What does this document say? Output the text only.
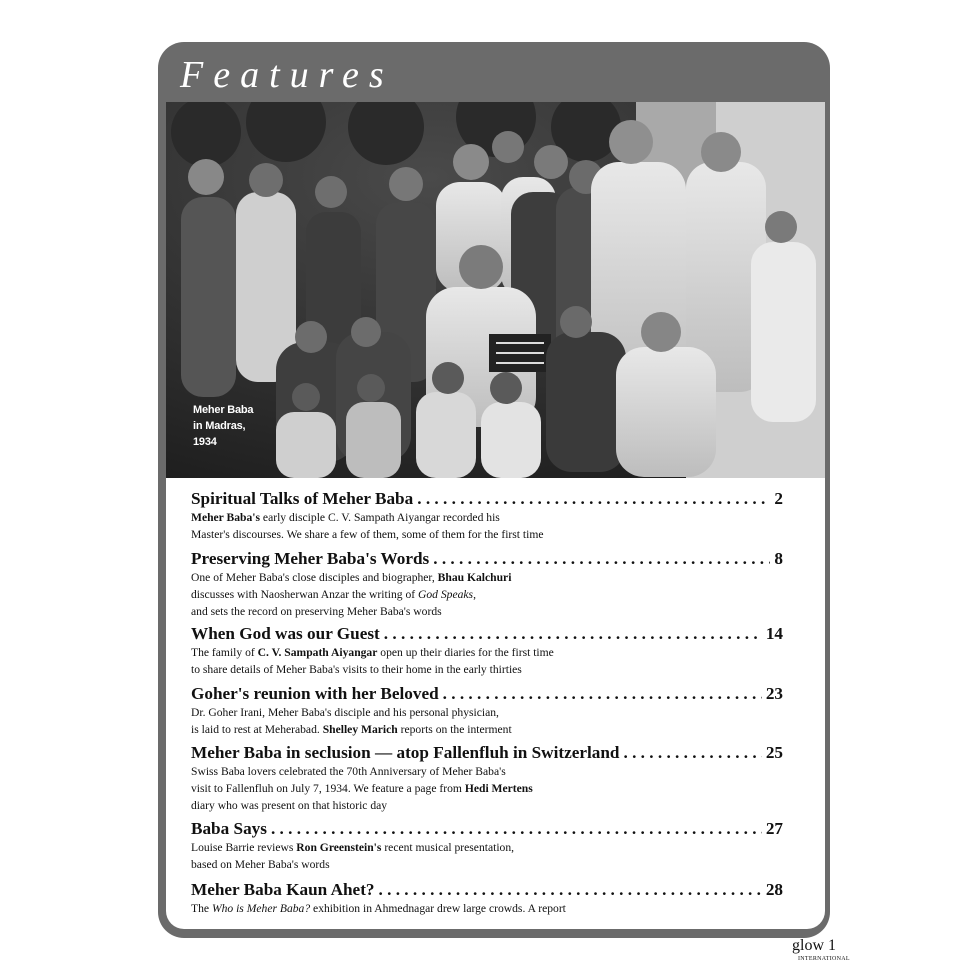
Features
Meher Baba
in Madras,
1934
Spiritual Talks of Meher Baba . . .	2
Meher Baba's early disciple C. V. Sampath Aiyangar recorded his
Master's discourses. We share a few of them, some of them for the first time
Preserving Meher Baba's Words . . .	8
One of Meher Baba's close disciples and biographer, Bhau Kalchuri
discusses with Naosherwan Anzar the writing of God Speaks,
and sets the record on preserving Meher Baba's words
When God was our Guest . . .	14
The family of C. V. Sampath Aiyangar open up their diaries for the first time
to share details of Meher Baba's visits to their home in the early thirties
Goher's reunion with her Beloved . . .	23
Dr. Goher Irani, Meher Baba's disciple and his personal physician,
is laid to rest at Meherabad. Shelley Marich reports on the interment
Meher Baba in seclusion — atop Fallenfluh in Switzerland . . .	25
Swiss Baba lovers celebrated the 70th Anniversary of Meher Baba's
visit to Fallenfluh on July 7, 1934. We feature a page from Hedi Mertens
diary who was present on that historic day
Baba Says . . .	27
Louise Barrie reviews Ron Greenstein's recent musical presentation,
based on Meher Baba's words
Meher Baba Kaun Ahet? . . .	28
The Who is Meher Baba? exhibition in Ahmednagar drew large crowds. A report
glow 1
INTERNATIONAL
